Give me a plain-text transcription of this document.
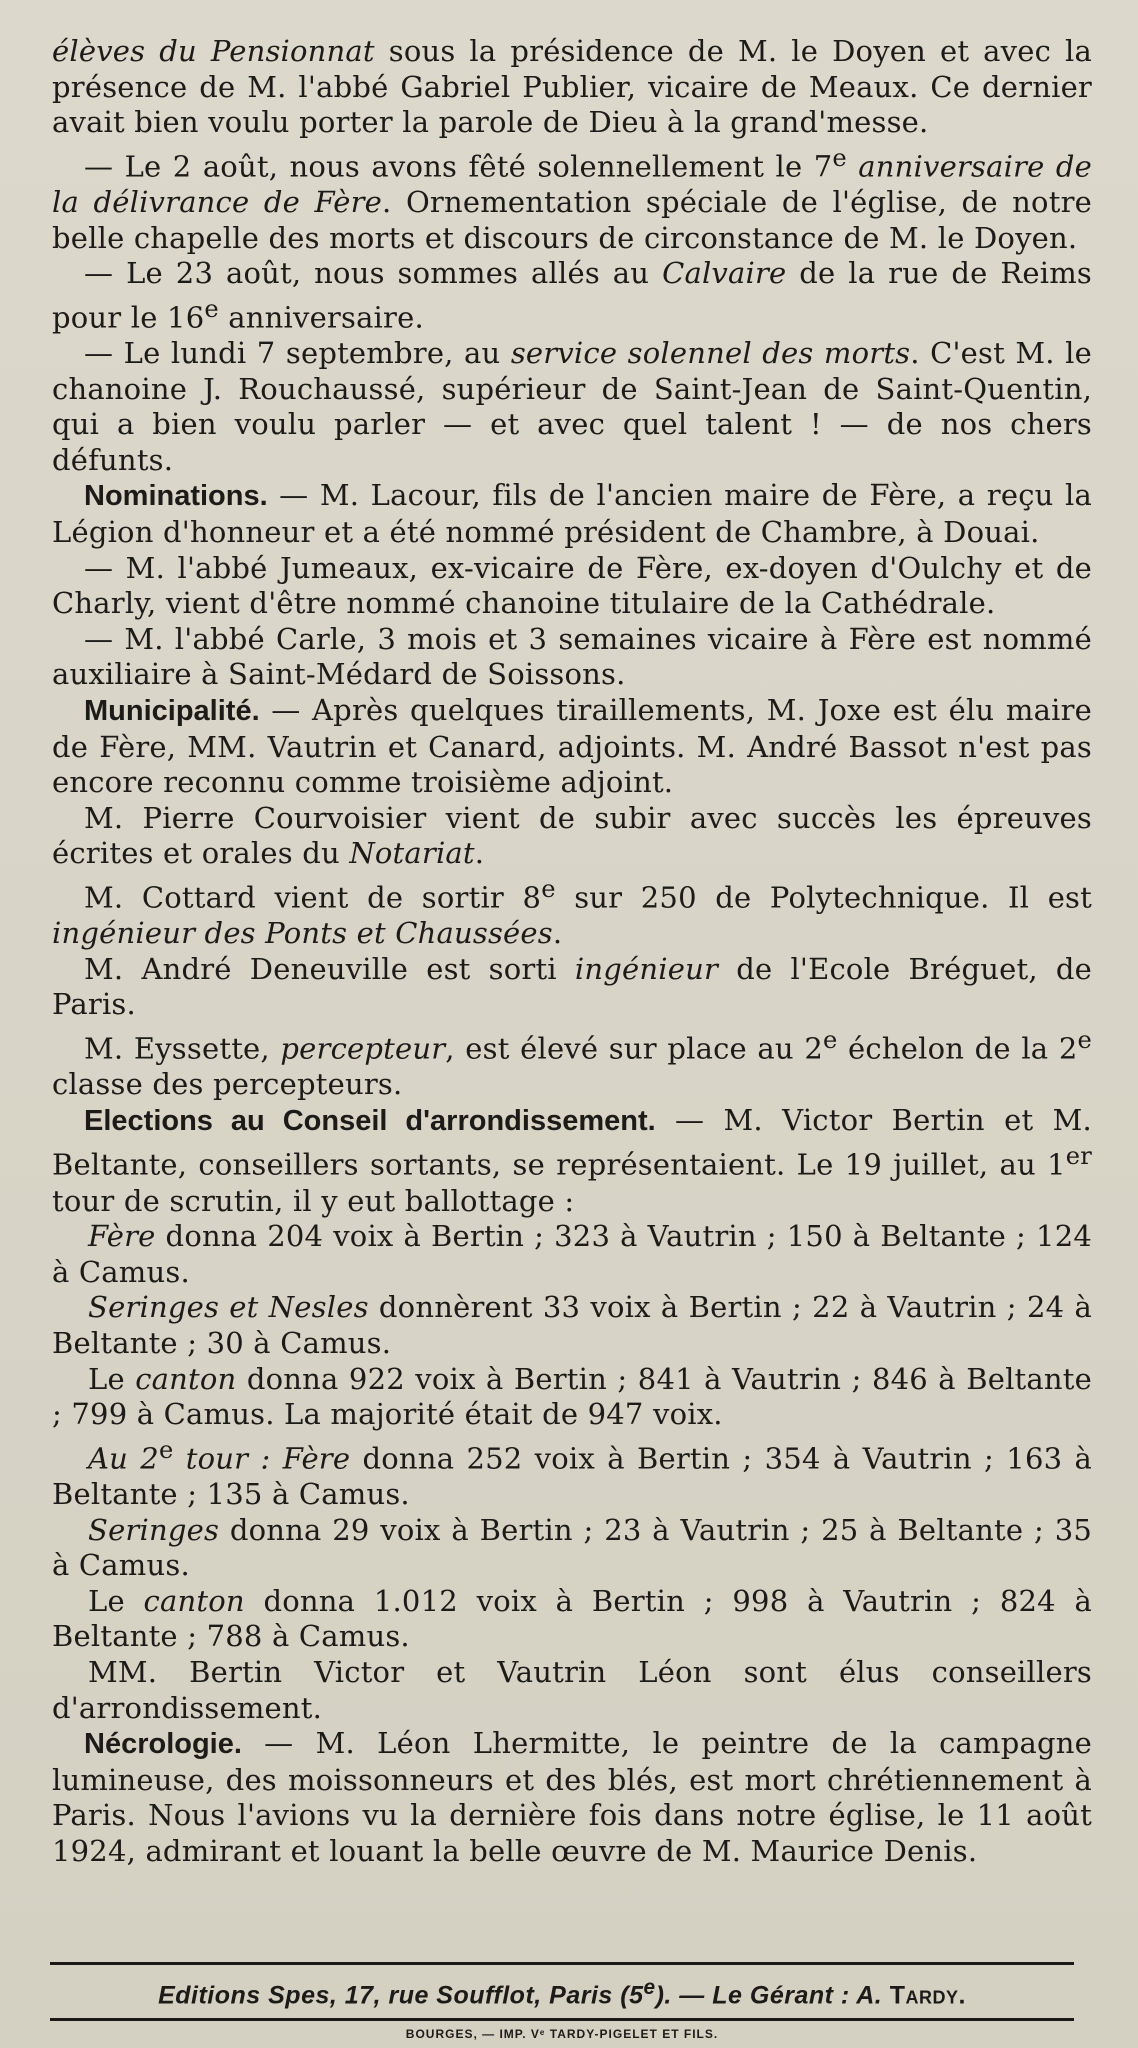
élèves du Pensionnat sous la présidence de M. le Doyen et avec la présence de M. l'abbé Gabriel Publier, vicaire de Meaux. Ce dernier avait bien voulu porter la parole de Dieu à la grand'messe.

— Le 2 août, nous avons fêté solennellement le 7e anniversaire de la délivrance de Fère. Ornementation spéciale de l'église, de notre belle chapelle des morts et discours de circonstance de M. le Doyen.

— Le 23 août, nous sommes allés au Calvaire de la rue de Reims pour le 16e anniversaire.

— Le lundi 7 septembre, au service solennel des morts. C'est M. le chanoine J. Rouchaussé, supérieur de Saint-Jean de Saint-Quentin, qui a bien voulu parler — et avec quel talent ! — de nos chers défunts.

Nominations. — M. Lacour, fils de l'ancien maire de Fère, a reçu la Légion d'honneur et a été nommé président de Chambre, à Douai.

— M. l'abbé Jumeaux, ex-vicaire de Fère, ex-doyen d'Oulchy et de Charly, vient d'être nommé chanoine titulaire de la Cathédrale.

— M. l'abbé Carle, 3 mois et 3 semaines vicaire à Fère est nommé auxiliaire à Saint-Médard de Soissons.

Municipalité. — Après quelques tiraillements, M. Joxe est élu maire de Fère, MM. Vautrin et Canard, adjoints. M. André Bassot n'est pas encore reconnu comme troisième adjoint.

M. Pierre Courvoisier vient de subir avec succès les épreuves écrites et orales du Notariat.

M. Cottard vient de sortir 8e sur 250 de Polytechnique. Il est ingénieur des Ponts et Chaussées.

M. André Deneuville est sorti ingénieur de l'Ecole Bréguet, de Paris.

M. Eyssette, percepteur, est élevé sur place au 2e échelon de la 2e classe des percepteurs.

Elections au Conseil d'arrondissement. — M. Victor Bertin et M. Beltante, conseillers sortants, se représentaient. Le 19 juillet, au 1er tour de scrutin, il y eut ballottage :

Fère donna 204 voix à Bertin ; 323 à Vautrin ; 150 à Beltante ; 124 à Camus.

Seringes et Nesles donnèrent 33 voix à Bertin ; 22 à Vautrin ; 24 à Beltante ; 30 à Camus.

Le canton donna 922 voix à Bertin ; 841 à Vautrin ; 846 à Beltante ; 799 à Camus. La majorité était de 947 voix.

Au 2e tour : Fère donna 252 voix à Bertin ; 354 à Vautrin ; 163 à Beltante ; 135 à Camus.

Seringes donna 29 voix à Bertin ; 23 à Vautrin ; 25 à Beltante ; 35 à Camus.

Le canton donna 1.012 voix à Bertin ; 998 à Vautrin ; 824 à Beltante ; 788 à Camus.

MM. Bertin Victor et Vautrin Léon sont élus conseillers d'arrondissement.

Nécrologie. — M. Léon Lhermitte, le peintre de la campagne lumineuse, des moissonneurs et des blés, est mort chrétiennement à Paris. Nous l'avions vu la dernière fois dans notre église, le 11 août 1924, admirant et louant la belle œuvre de M. Maurice Denis.

Editions Spes, 17, rue Soufflot, Paris (5e). — Le Gérant : A. Tardy.
BOURGES, — IMP. Vᵉ TARDY-PIGELET ET FILS.
